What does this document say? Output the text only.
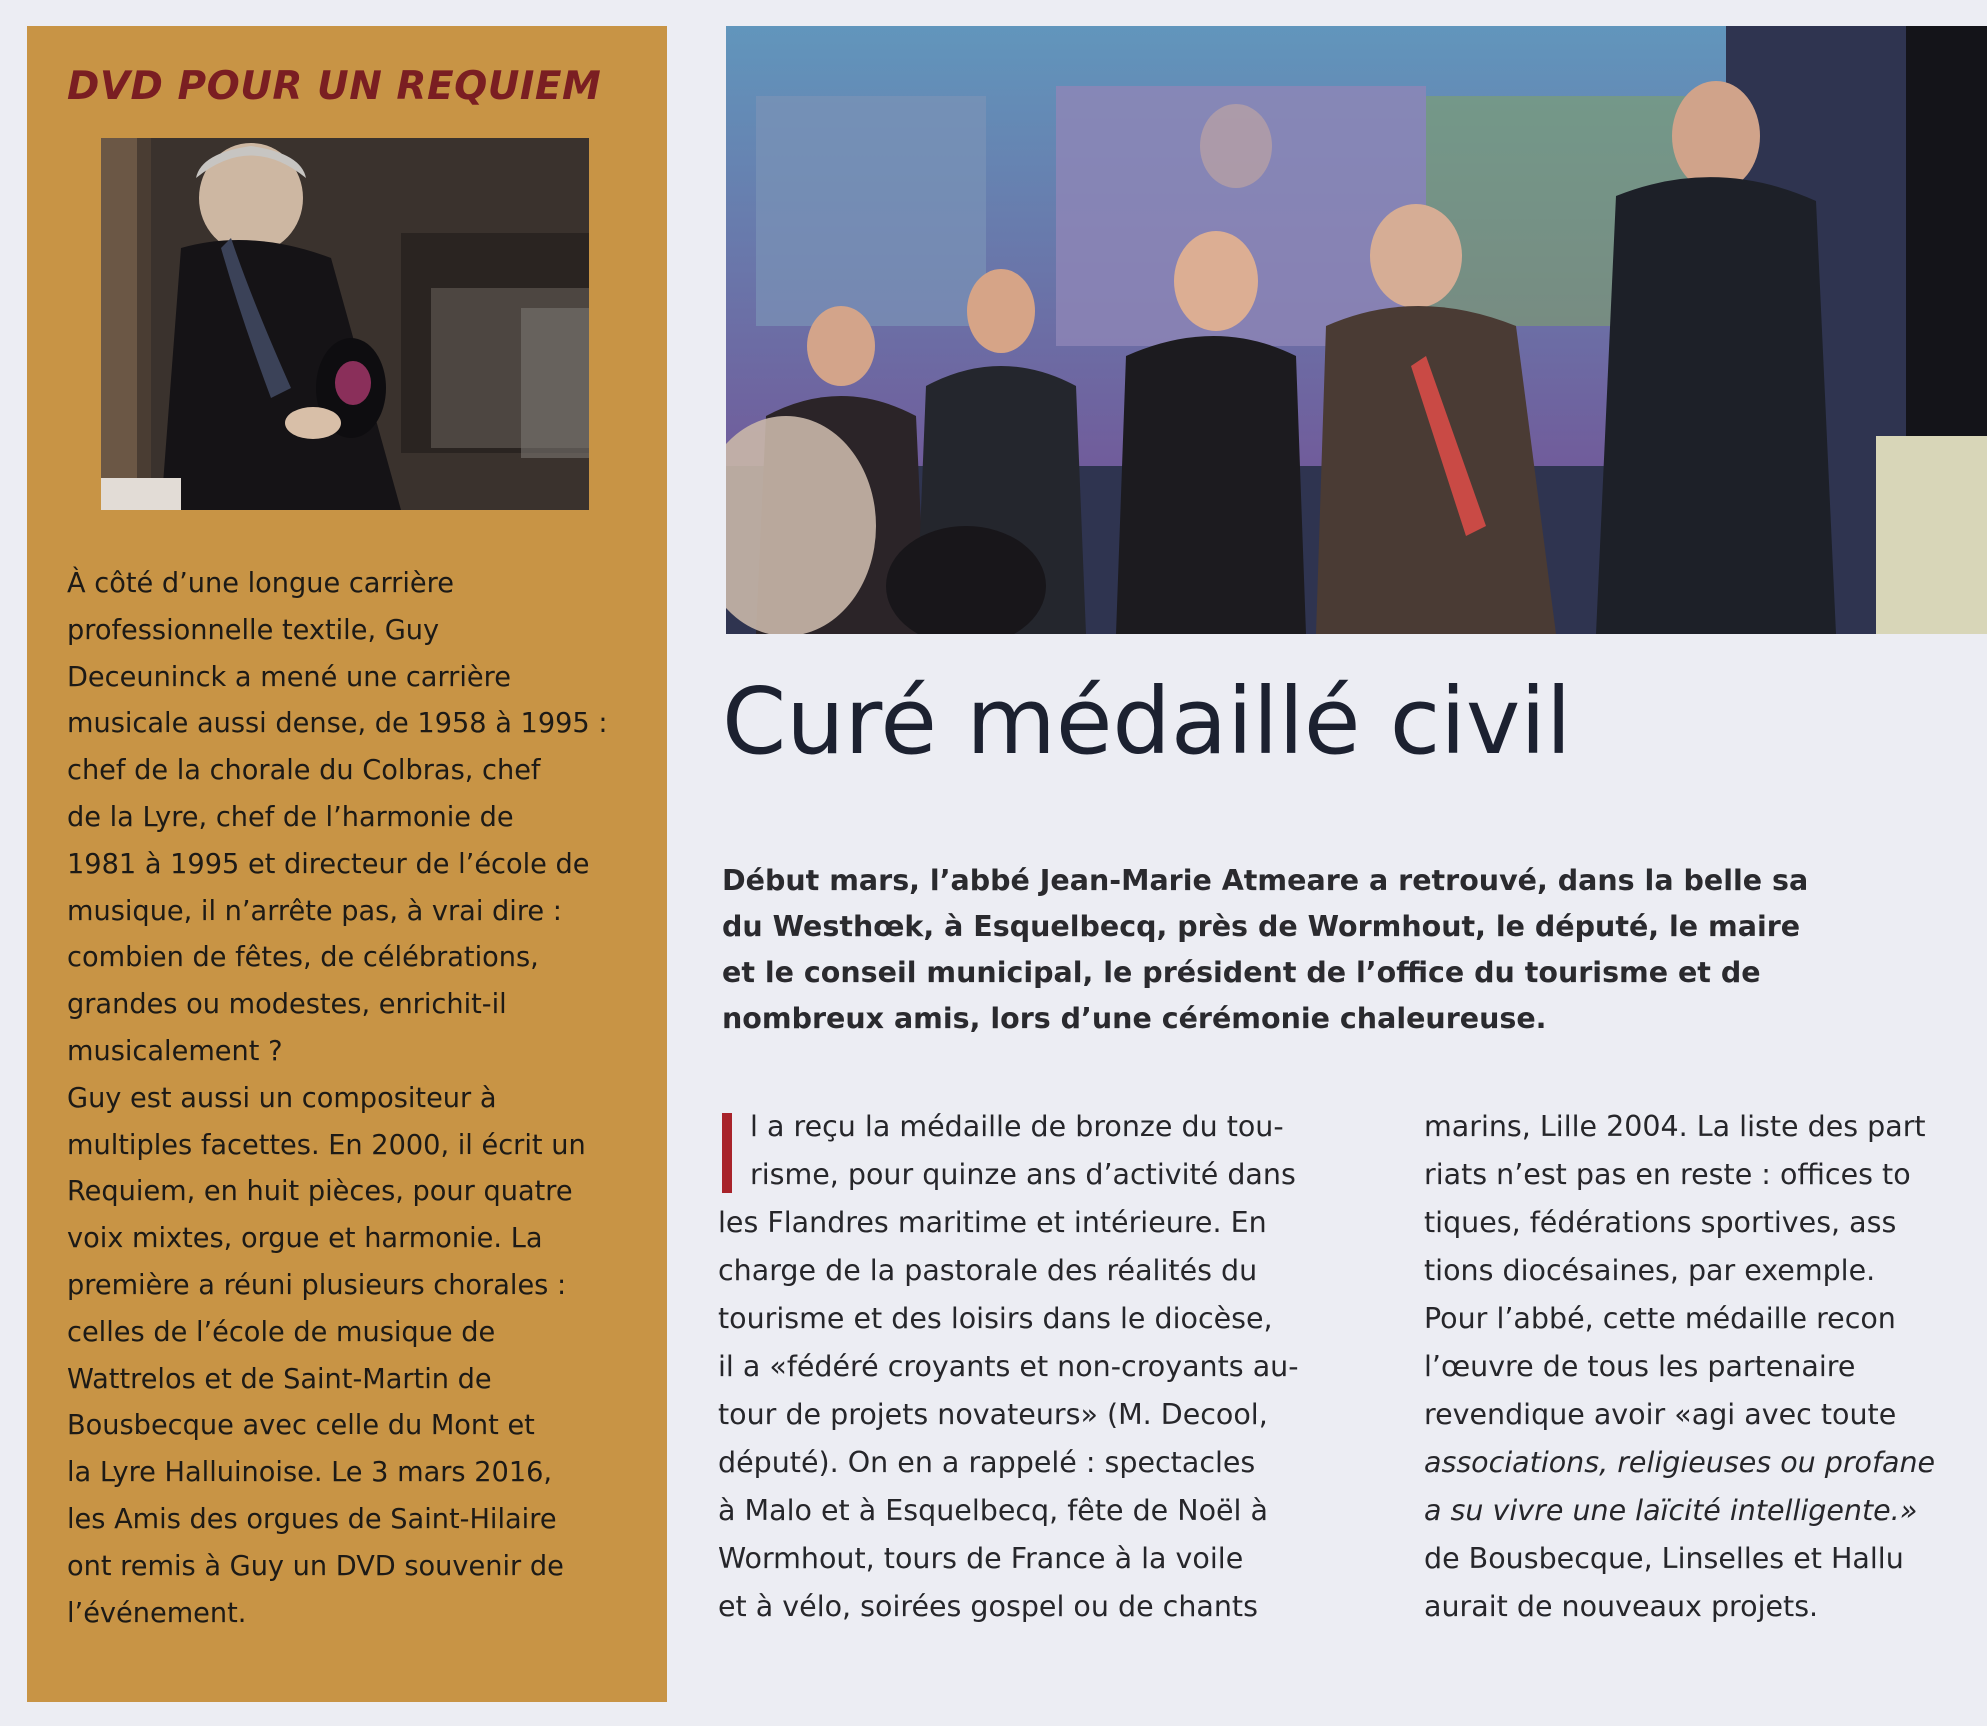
DVD POUR UN REQUIEM

À côté d’une longue carrière

professionnelle textile, Guy

Deceuninck a mené une carrière

musicale aussi dense, de 1958 à 1995 :

chef de la chorale du Colbras, chef

de la Lyre, chef de l’harmonie de

1981 à 1995 et directeur de l’école de

musique, il n’arrête pas, à vrai dire :

combien de fêtes, de célébrations,

grandes ou modestes, enrichit-il

musicalement ?

Guy est aussi un compositeur à

multiples facettes. En 2000, il écrit un

Requiem, en huit pièces, pour quatre

voix mixtes, orgue et harmonie. La

première a réuni plusieurs chorales :

celles de l’école de musique de

Wattrelos et de Saint-Martin de

Bousbecque avec celle du Mont et

la Lyre Halluinoise. Le 3 mars 2016,

les Amis des orgues de Saint-Hilaire

ont remis à Guy un DVD souvenir de

l’événement.

Curé médaillé civil
Début mars, l’abbé Jean-Marie Atmeare a retrouvé, dans la belle sa
du Westhœk, à Esquelbecq, près de Wormhout, le député, le maire
et le conseil municipal, le président de l’office du tourisme et de
nombreux amis, lors d’une cérémonie chaleureuse.
l a reçu la médaille de bronze du tou-
risme, pour quinze ans d’activité dans
les Flandres maritime et intérieure. En
charge de la pastorale des réalités du
tourisme et des loisirs dans le diocèse,
il a «fédéré croyants et non-croyants au-
tour de projets novateurs» (M. Decool,
député). On en a rappelé : spectacles
à Malo et à Esquelbecq, fête de Noël à
Wormhout, tours de France à la voile
et à vélo, soirées gospel ou de chants
marins, Lille 2004. La liste des part
riats n’est pas en reste : offices to
tiques, fédérations sportives, ass
tions diocésaines, par exemple.
Pour l’abbé, cette médaille recon
l’œuvre de tous les partenaire
revendique avoir «agi avec toute
associations, religieuses ou profane
a su vivre une laïcité intelligente.»
de Bousbecque, Linselles et Hallu
aurait de nouveaux projets.
